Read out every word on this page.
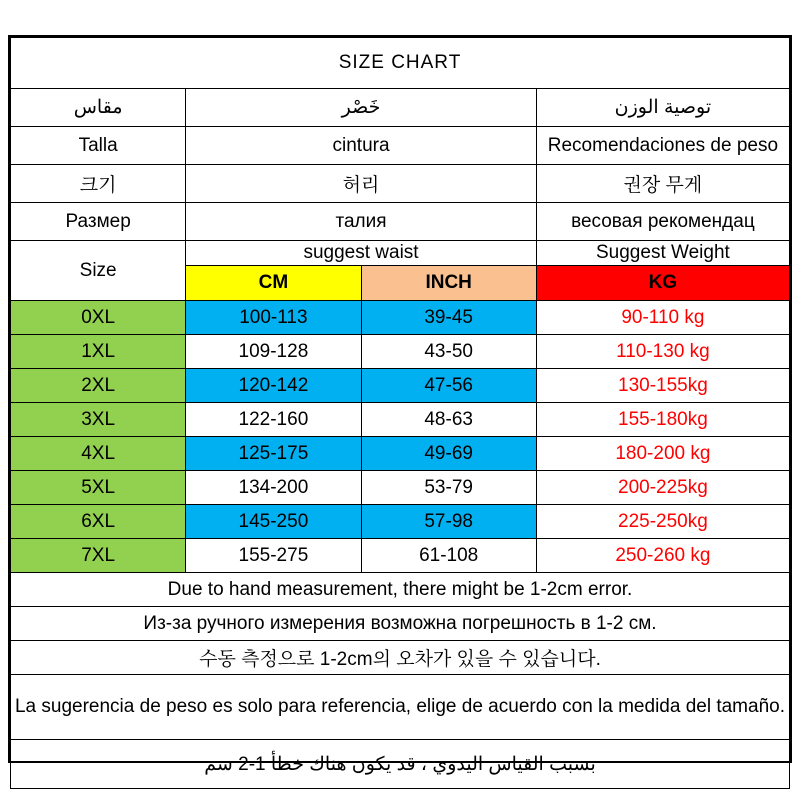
SIZE CHART			
مقاس	خَصْر		توصية الوزن
Talla	cintura		Recomendaciones de peso
크기	허리		권장 무게
Размер	талия		весовая рекомендац
Size	suggest waist		Suggest Weight
	CM	INCH	KG
0XL	100-113	39-45	90-110 kg
1XL	109-128	43-50	110-130 kg
2XL	120-142	47-56	130-155kg
3XL	122-160	48-63	155-180kg
4XL	125-175	49-69	180-200 kg
5XL	134-200	53-79	200-225kg
6XL	145-250	57-98	225-250kg
7XL	155-275	61-108	250-260 kg
Due to hand measurement, there might be 1-2cm error.			
Из-за ручного измерения возможна погрешность в 1-2 см.			
수동 측정으로 1-2cm의 오차가 있을 수 있습니다.			
La sugerencia de peso es solo para referencia, elige de acuerdo con la medida del tamaño.			
بسبب القياس اليدوي ، قد يكون هناك خطأ 1-2 سم			
